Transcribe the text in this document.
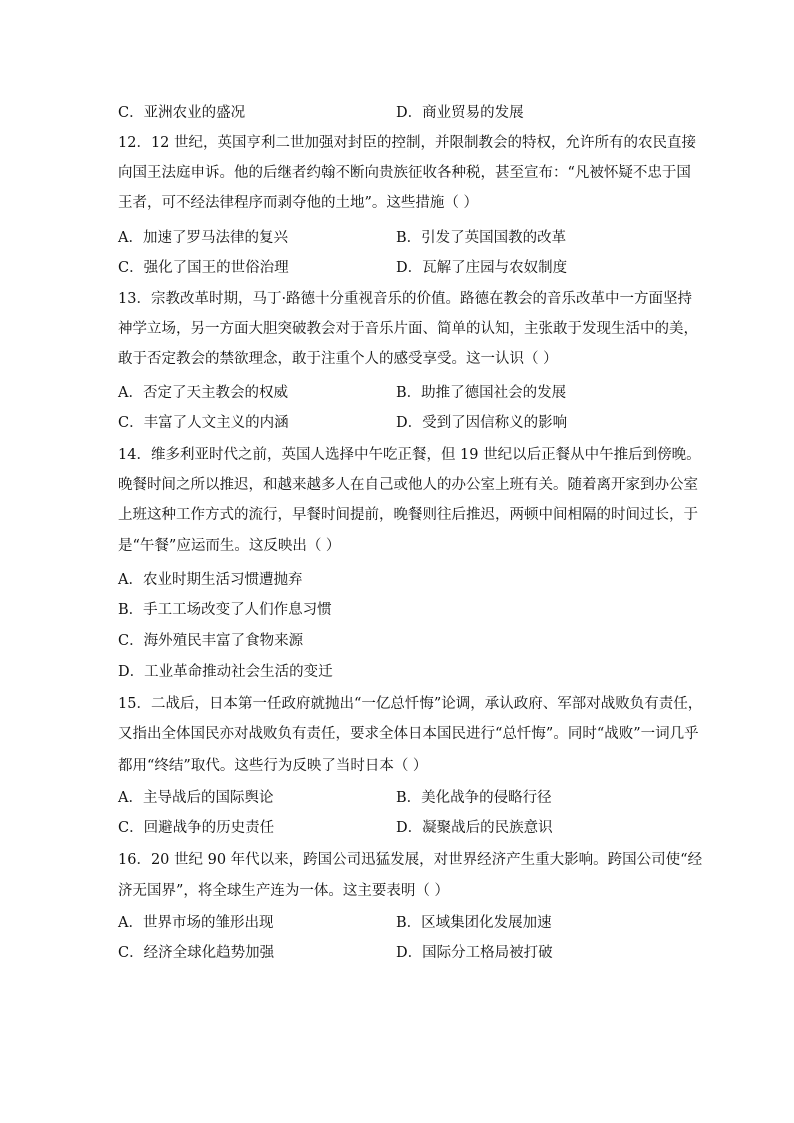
C．亚洲农业的盛况	D．商业贸易的发展
12．12 世纪，英国亨利二世加强对封臣的控制，并限制教会的特权，允许所有的农民直接
向国王法庭申诉。他的后继者约翰不断向贵族征收各种税，甚至宣布：“凡被怀疑不忠于国
王者，可不经法律程序而剥夺他的土地”。这些措施（ ）
A．加速了罗马法律的复兴	B．引发了英国国教的改革
C．强化了国王的世俗治理	D．瓦解了庄园与农奴制度
13．宗教改革时期，马丁·路德十分重视音乐的价值。路德在教会的音乐改革中一方面坚持
神学立场，另一方面大胆突破教会对于音乐片面、简单的认知，主张敢于发现生活中的美，
敢于否定教会的禁欲理念，敢于注重个人的感受享受。这一认识（ ）
A．否定了天主教会的权威	B．助推了德国社会的发展
C．丰富了人文主义的内涵	D．受到了因信称义的影响
14．维多利亚时代之前，英国人选择中午吃正餐，但 19 世纪以后正餐从中午推后到傍晚。
晚餐时间之所以推迟，和越来越多人在自己或他人的办公室上班有关。随着离开家到办公室
上班这种工作方式的流行，早餐时间提前，晚餐则往后推迟，两顿中间相隔的时间过长，于
是“午餐”应运而生。这反映出（ ）
A．农业时期生活习惯遭抛弃
B．手工工场改变了人们作息习惯
C．海外殖民丰富了食物来源
D．工业革命推动社会生活的变迁
15．二战后，日本第一任政府就抛出“一亿总忏悔”论调，承认政府、军部对战败负有责任，
又指出全体国民亦对战败负有责任，要求全体日本国民进行“总忏悔”。同时“战败”一词几乎
都用“终结”取代。这些行为反映了当时日本（ ）
A．主导战后的国际舆论	B．美化战争的侵略行径
C．回避战争的历史责任	D．凝聚战后的民族意识
16．20 世纪 90 年代以来，跨国公司迅猛发展，对世界经济产生重大影响。跨国公司使“经
济无国界”，将全球生产连为一体。这主要表明（ ）
A．世界市场的雏形出现	B．区域集团化发展加速
C．经济全球化趋势加强	D．国际分工格局被打破
